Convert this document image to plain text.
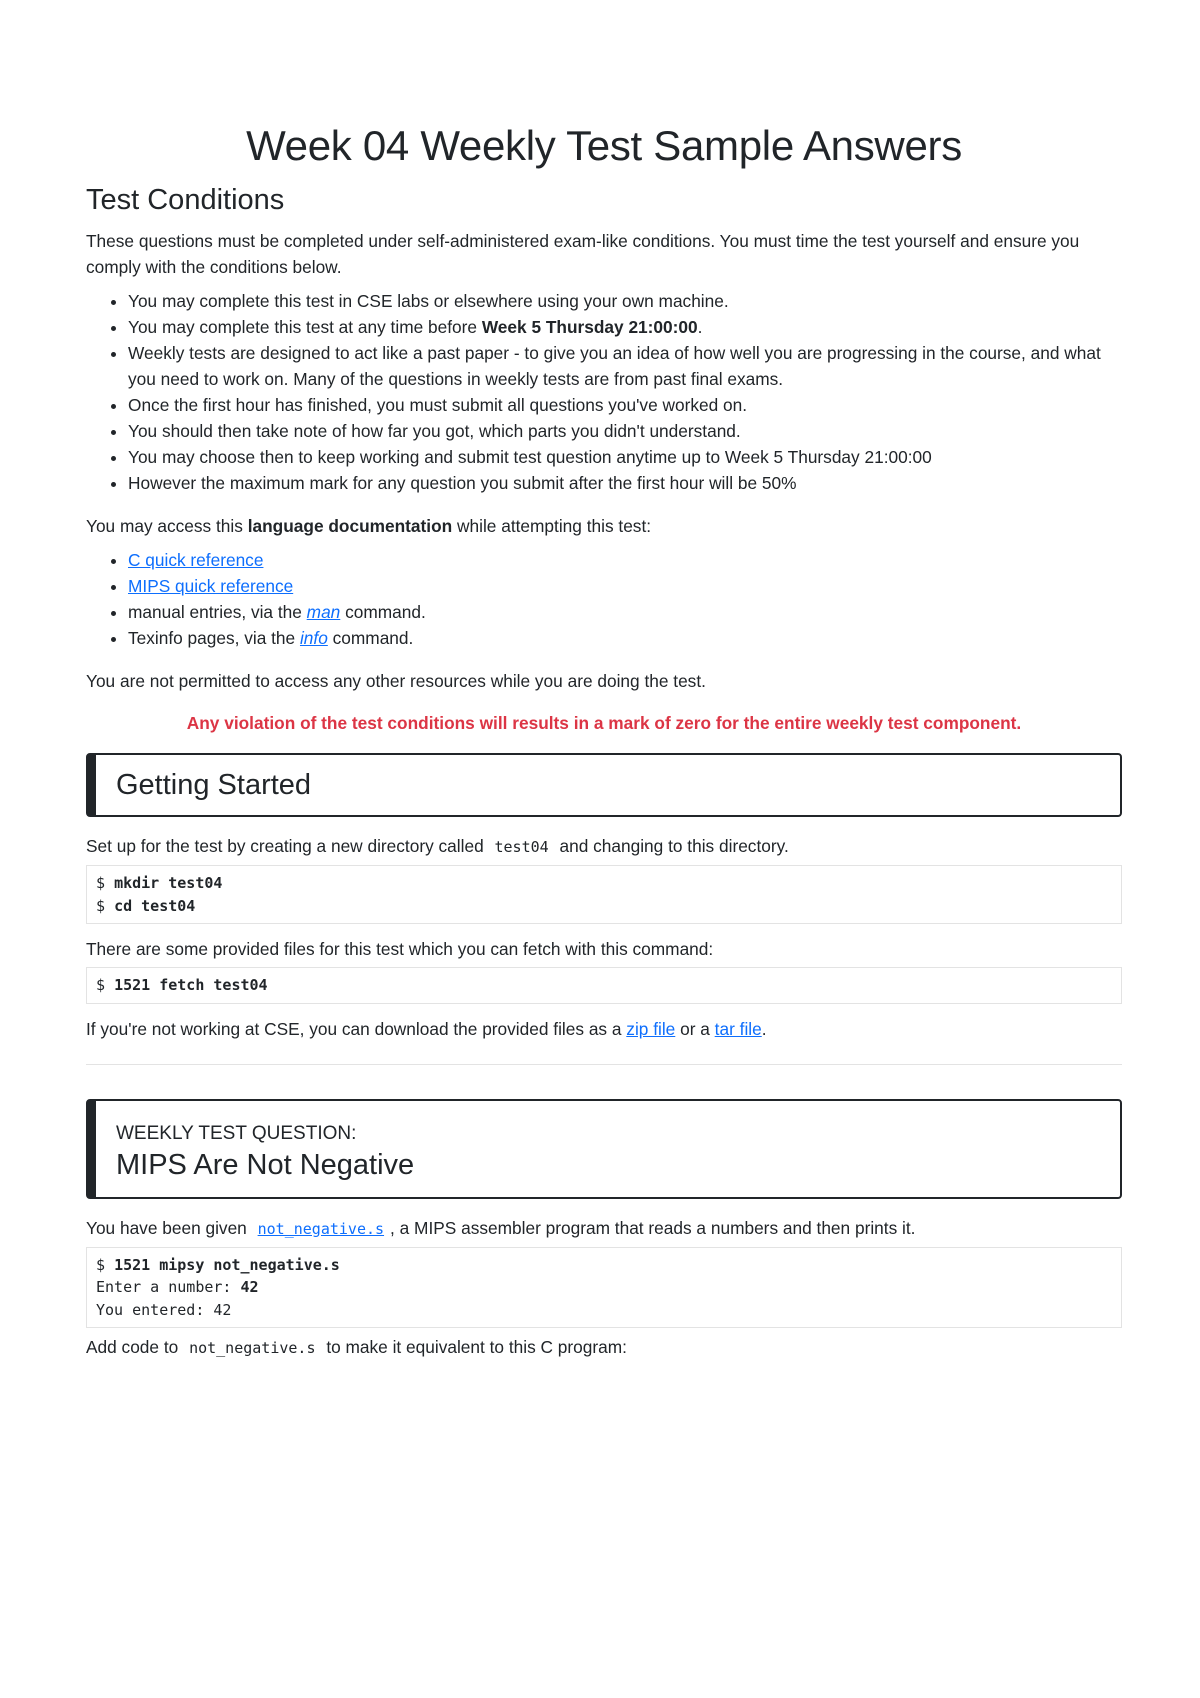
Week 04 Weekly Test Sample Answers
Test Conditions

These questions must be completed under self-administered exam-like conditions. You must time the test yourself and ensure you comply with the conditions below.

• You may complete this test in CSE labs or elsewhere using your own machine.
• You may complete this test at any time before Week 5 Thursday 21:00:00.
• Weekly tests are designed to act like a past paper - to give you an idea of how well you are progressing in the course, and what you need to work on. Many of the questions in weekly tests are from past final exams.
• Once the first hour has finished, you must submit all questions you've worked on.
• You should then take note of how far you got, which parts you didn't understand.
• You may choose then to keep working and submit test question anytime up to Week 5 Thursday 21:00:00
• However the maximum mark for any question you submit after the first hour will be 50%

You may access this language documentation while attempting this test:

• C quick reference
• MIPS quick reference
• manual entries, via the man command.
• Texinfo pages, via the info command.

You are not permitted to access any other resources while you are doing the test.

Any violation of the test conditions will results in a mark of zero for the entire weekly test component.

Getting Started

Set up for the test by creating a new directory called test04 and changing to this directory.

$ mkdir test04
$ cd test04

There are some provided files for this test which you can fetch with this command:

$ 1521 fetch test04

If you're not working at CSE, you can download the provided files as a zip file or a tar file.

WEEKLY TEST QUESTION:

MIPS Are Not Negative

You have been given not_negative.s , a MIPS assembler program that reads a numbers and then prints it.

$ 1521 mipsy not_negative.s
Enter a number: 42
You entered: 42

Add code to not_negative.s to make it equivalent to this C program:
